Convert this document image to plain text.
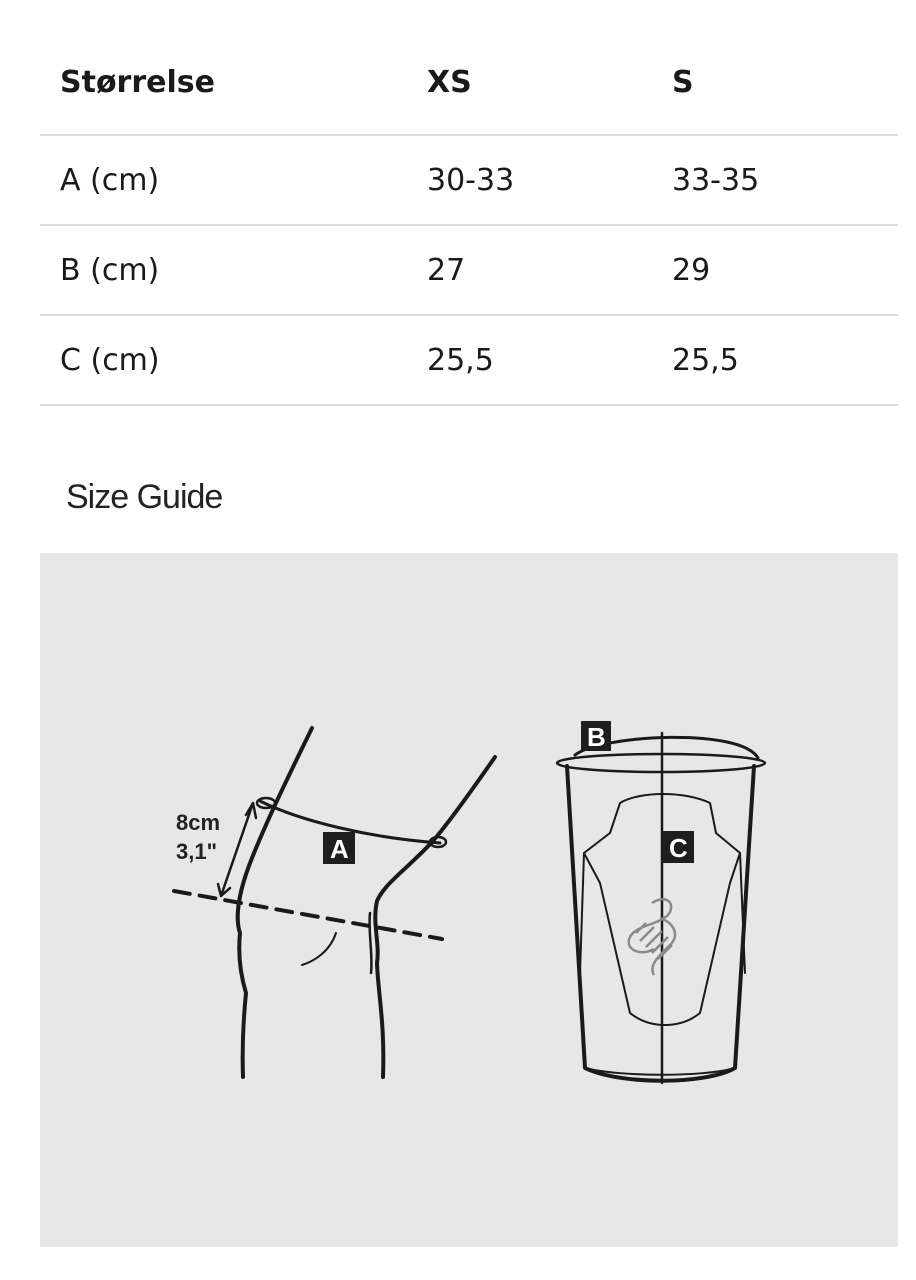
Størrelse	XS	S
A (cm)	30-33	33-35
B (cm)	27	29
C (cm)	25,5	25,5
Size Guide
8cm
3,1"	A
B
C
